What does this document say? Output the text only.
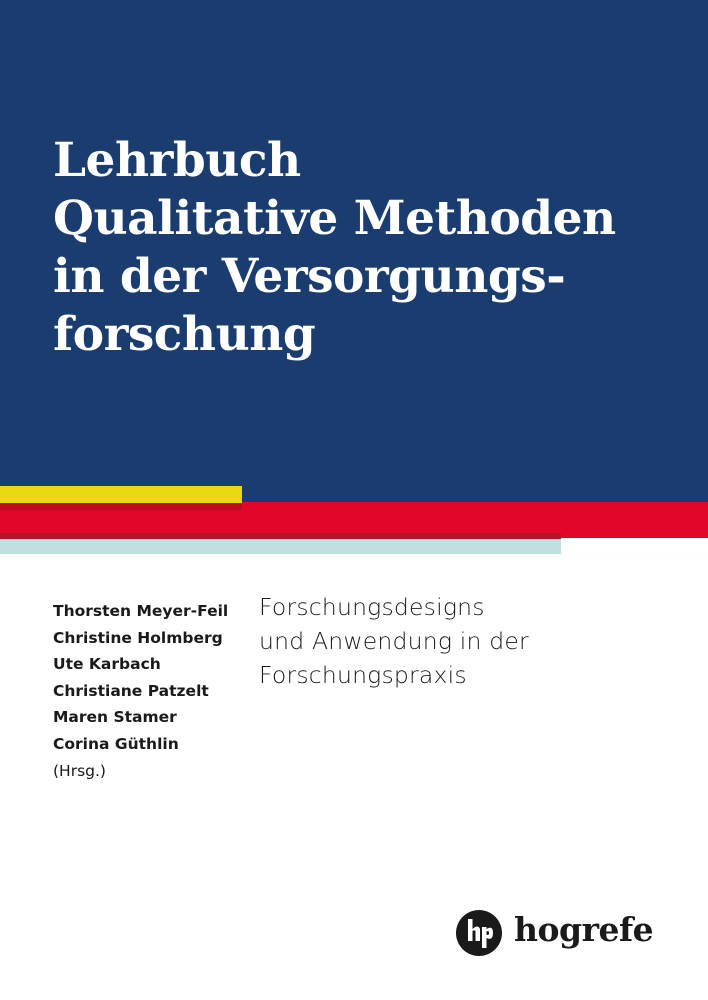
Lehrbuch
Qualitative Methoden
in der Versorgungs-
forschung
Thorsten Meyer-Feil
Christine Holmberg
Ute Karbach
Christiane Patzelt
Maren Stamer
Corina Güthlin
(Hrsg.)

Forschungsdesigns
und Anwendung in der
Forschungspraxis

hogrefe
